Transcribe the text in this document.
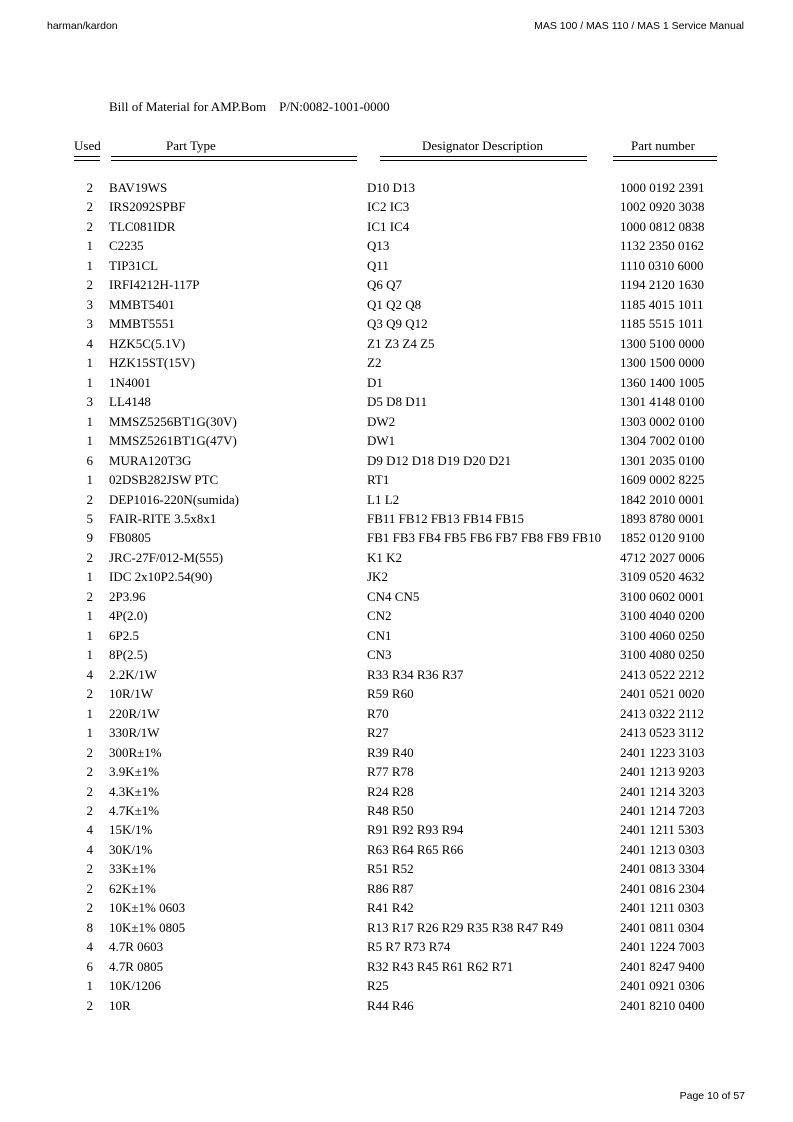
harman/kardon	MAS 100 / MAS 110 / MAS 1 Service Manual
Bill of Material for AMP.Bom    P/N:0082-1001-0000
Used	Part Type	Designator Description	Part number
2 BAV19WS	D10 D13	1000 0192 2391
2 IRS2092SPBF	IC2 IC3	1002 0920 3038
2 TLC081IDR	IC1 IC4	1000 0812 0838
1 C2235	Q13	1132 2350 0162
1 TIP31CL	Q11	1110 0310 6000
2 IRFI4212H-117P	Q6 Q7	1194 2120 1630
3 MMBT5401	Q1 Q2 Q8	1185 4015 1011
3 MMBT5551	Q3 Q9 Q12	1185 5515 1011
4 HZK5C(5.1V)	Z1 Z3 Z4 Z5	1300 5100 0000
1 HZK15ST(15V)	Z2	1300 1500 0000
1 1N4001	D1	1360 1400 1005
3 LL4148	D5 D8 D11	1301 4148 0100
1 MMSZ5256BT1G(30V)	DW2	1303 0002 0100
1 MMSZ5261BT1G(47V)	DW1	1304 7002 0100
6 MURA120T3G	D9 D12 D18 D19 D20 D21	1301 2035 0100
1 02DSB282JSW PTC	RT1	1609 0002 8225
2 DEP1016-220N(sumida)	L1 L2	1842 2010 0001
5 FAIR-RITE 3.5x8x1	FB11 FB12 FB13 FB14 FB15	1893 8780 0001
9 FB0805	FB1 FB3 FB4 FB5 FB6 FB7 FB8 FB9 FB10 1852 0120 9100
2 JRC-27F/012-M(555)	K1 K2	4712 2027 0006
1 IDC 2x10P2.54(90)	JK2	3109 0520 4632
2 2P3.96	CN4 CN5	3100 0602 0001
1 4P(2.0)	CN2	3100 4040 0200
1 6P2.5	CN1	3100 4060 0250
1 8P(2.5)	CN3	3100 4080 0250
4 2.2K/1W	R33 R34 R36 R37	2413 0522 2212
2 10R/1W	R59 R60	2401 0521 0020
1 220R/1W	R70	2413 0322 2112
1 330R/1W	R27	2413 0523 3112
2 300R±1%	R39 R40	2401 1223 3103
2 3.9K±1%	R77 R78	2401 1213 9203
2 4.3K±1%	R24 R28	2401 1214 3203
2 4.7K±1%	R48 R50	2401 1214 7203
4 15K/1%	R91 R92 R93 R94	2401 1211 5303
4 30K/1%	R63 R64 R65 R66	2401 1213 0303
2 33K±1%	R51 R52	2401 0813 3304
2 62K±1%	R86 R87	2401 0816 2304
2 10K±1% 0603	R41 R42	2401 1211 0303
8 10K±1% 0805	R13 R17 R26 R29 R35 R38 R47 R49	2401 0811 0304
4 4.7R 0603	R5 R7 R73 R74	2401 1224 7003
6 4.7R 0805	R32 R43 R45 R61 R62 R71	2401 8247 9400
1 10K/1206	R25	2401 0921 0306
2 10R	R44 R46	2401 8210 0400
Page 10 of 57
